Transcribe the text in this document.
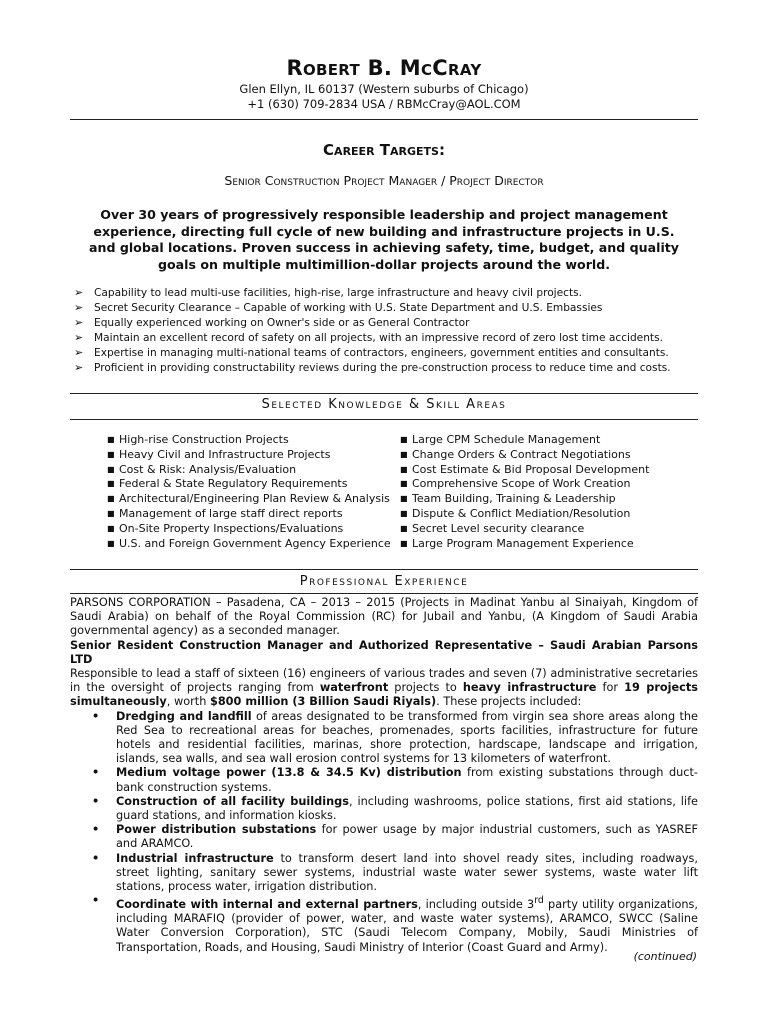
Robert B. McCray
Glen Ellyn, IL 60137 (Western suburbs of Chicago)
+1 (630) 709-2834 USA / RBMcCray@AOL.COM
Career Targets:
Senior Construction Project Manager / Project Director
Over 30 years of progressively responsible leadership and project management experience, directing full cycle of new building and infrastructure projects in U.S. and global locations. Proven success in achieving safety, time, budget, and quality goals on multiple multimillion-dollar projects around the world.
➢ Capability to lead multi-use facilities, high-rise, large infrastructure and heavy civil projects.
➢ Secret Security Clearance – Capable of working with U.S. State Department and U.S. Embassies
➢ Equally experienced working on Owner's side or as General Contractor
➢ Maintain an excellent record of safety on all projects, with an impressive record of zero lost time accidents.
➢ Expertise in managing multi-national teams of contractors, engineers, government entities and consultants.
➢ Proficient in providing constructability reviews during the pre-construction process to reduce time and costs.
Selected Knowledge & Skill Areas
■ High-rise Construction Projects
■ Heavy Civil and Infrastructure Projects
■ Cost & Risk: Analysis/Evaluation
■ Federal & State Regulatory Requirements
■ Architectural/Engineering Plan Review & Analysis
■ Management of large staff direct reports
■ On-Site Property Inspections/Evaluations
■ U.S. and Foreign Government Agency Experience
■ Large CPM Schedule Management
■ Change Orders & Contract Negotiations
■ Cost Estimate & Bid Proposal Development
■ Comprehensive Scope of Work Creation
■ Team Building, Training & Leadership
■ Dispute & Conflict Mediation/Resolution
■ Secret Level security clearance
■ Large Program Management Experience
Professional Experience

PARSONS CORPORATION – Pasadena, CA – 2013 – 2015 (Projects in Madinat Yanbu al Sinaiyah, Kingdom of Saudi Arabia) on behalf of the Royal Commission (RC) for Jubail and Yanbu, (A Kingdom of Saudi Arabia governmental agency) as a seconded manager.

Senior Resident Construction Manager and Authorized Representative – Saudi Arabian Parsons LTD

Responsible to lead a staff of sixteen (16) engineers of various trades and seven (7) administrative secretaries in the oversight of projects ranging from waterfront projects to heavy infrastructure for 19 projects simultaneously, worth $800 million (3 Billion Saudi Riyals). These projects included:

• Dredging and landfill of areas designated to be transformed from virgin sea shore areas along the Red Sea to recreational areas for beaches, promenades, sports facilities, infrastructure for future hotels and residential facilities, marinas, shore protection, hardscape, landscape and irrigation, islands, sea walls, and sea wall erosion control systems for 13 kilometers of waterfront.
• Medium voltage power (13.8 & 34.5 Kv) distribution from existing substations through duct-bank construction systems.
• Construction of all facility buildings, including washrooms, police stations, first aid stations, life guard stations, and information kiosks.
• Power distribution substations for power usage by major industrial customers, such as YASREF and ARAMCO.
• Industrial infrastructure to transform desert land into shovel ready sites, including roadways, street lighting, sanitary sewer systems, industrial waste water sewer systems, waste water lift stations, process water, irrigation distribution.
• Coordinate with internal and external partners, including outside 3rd party utility organizations, including MARAFIQ (provider of power, water, and waste water systems), ARAMCO, SWCC (Saline Water Conversion Corporation), STC (Saudi Telecom Company, Mobily, Saudi Ministries of Transportation, Roads, and Housing, Saudi Ministry of Interior (Coast Guard and Army).
(continued)
